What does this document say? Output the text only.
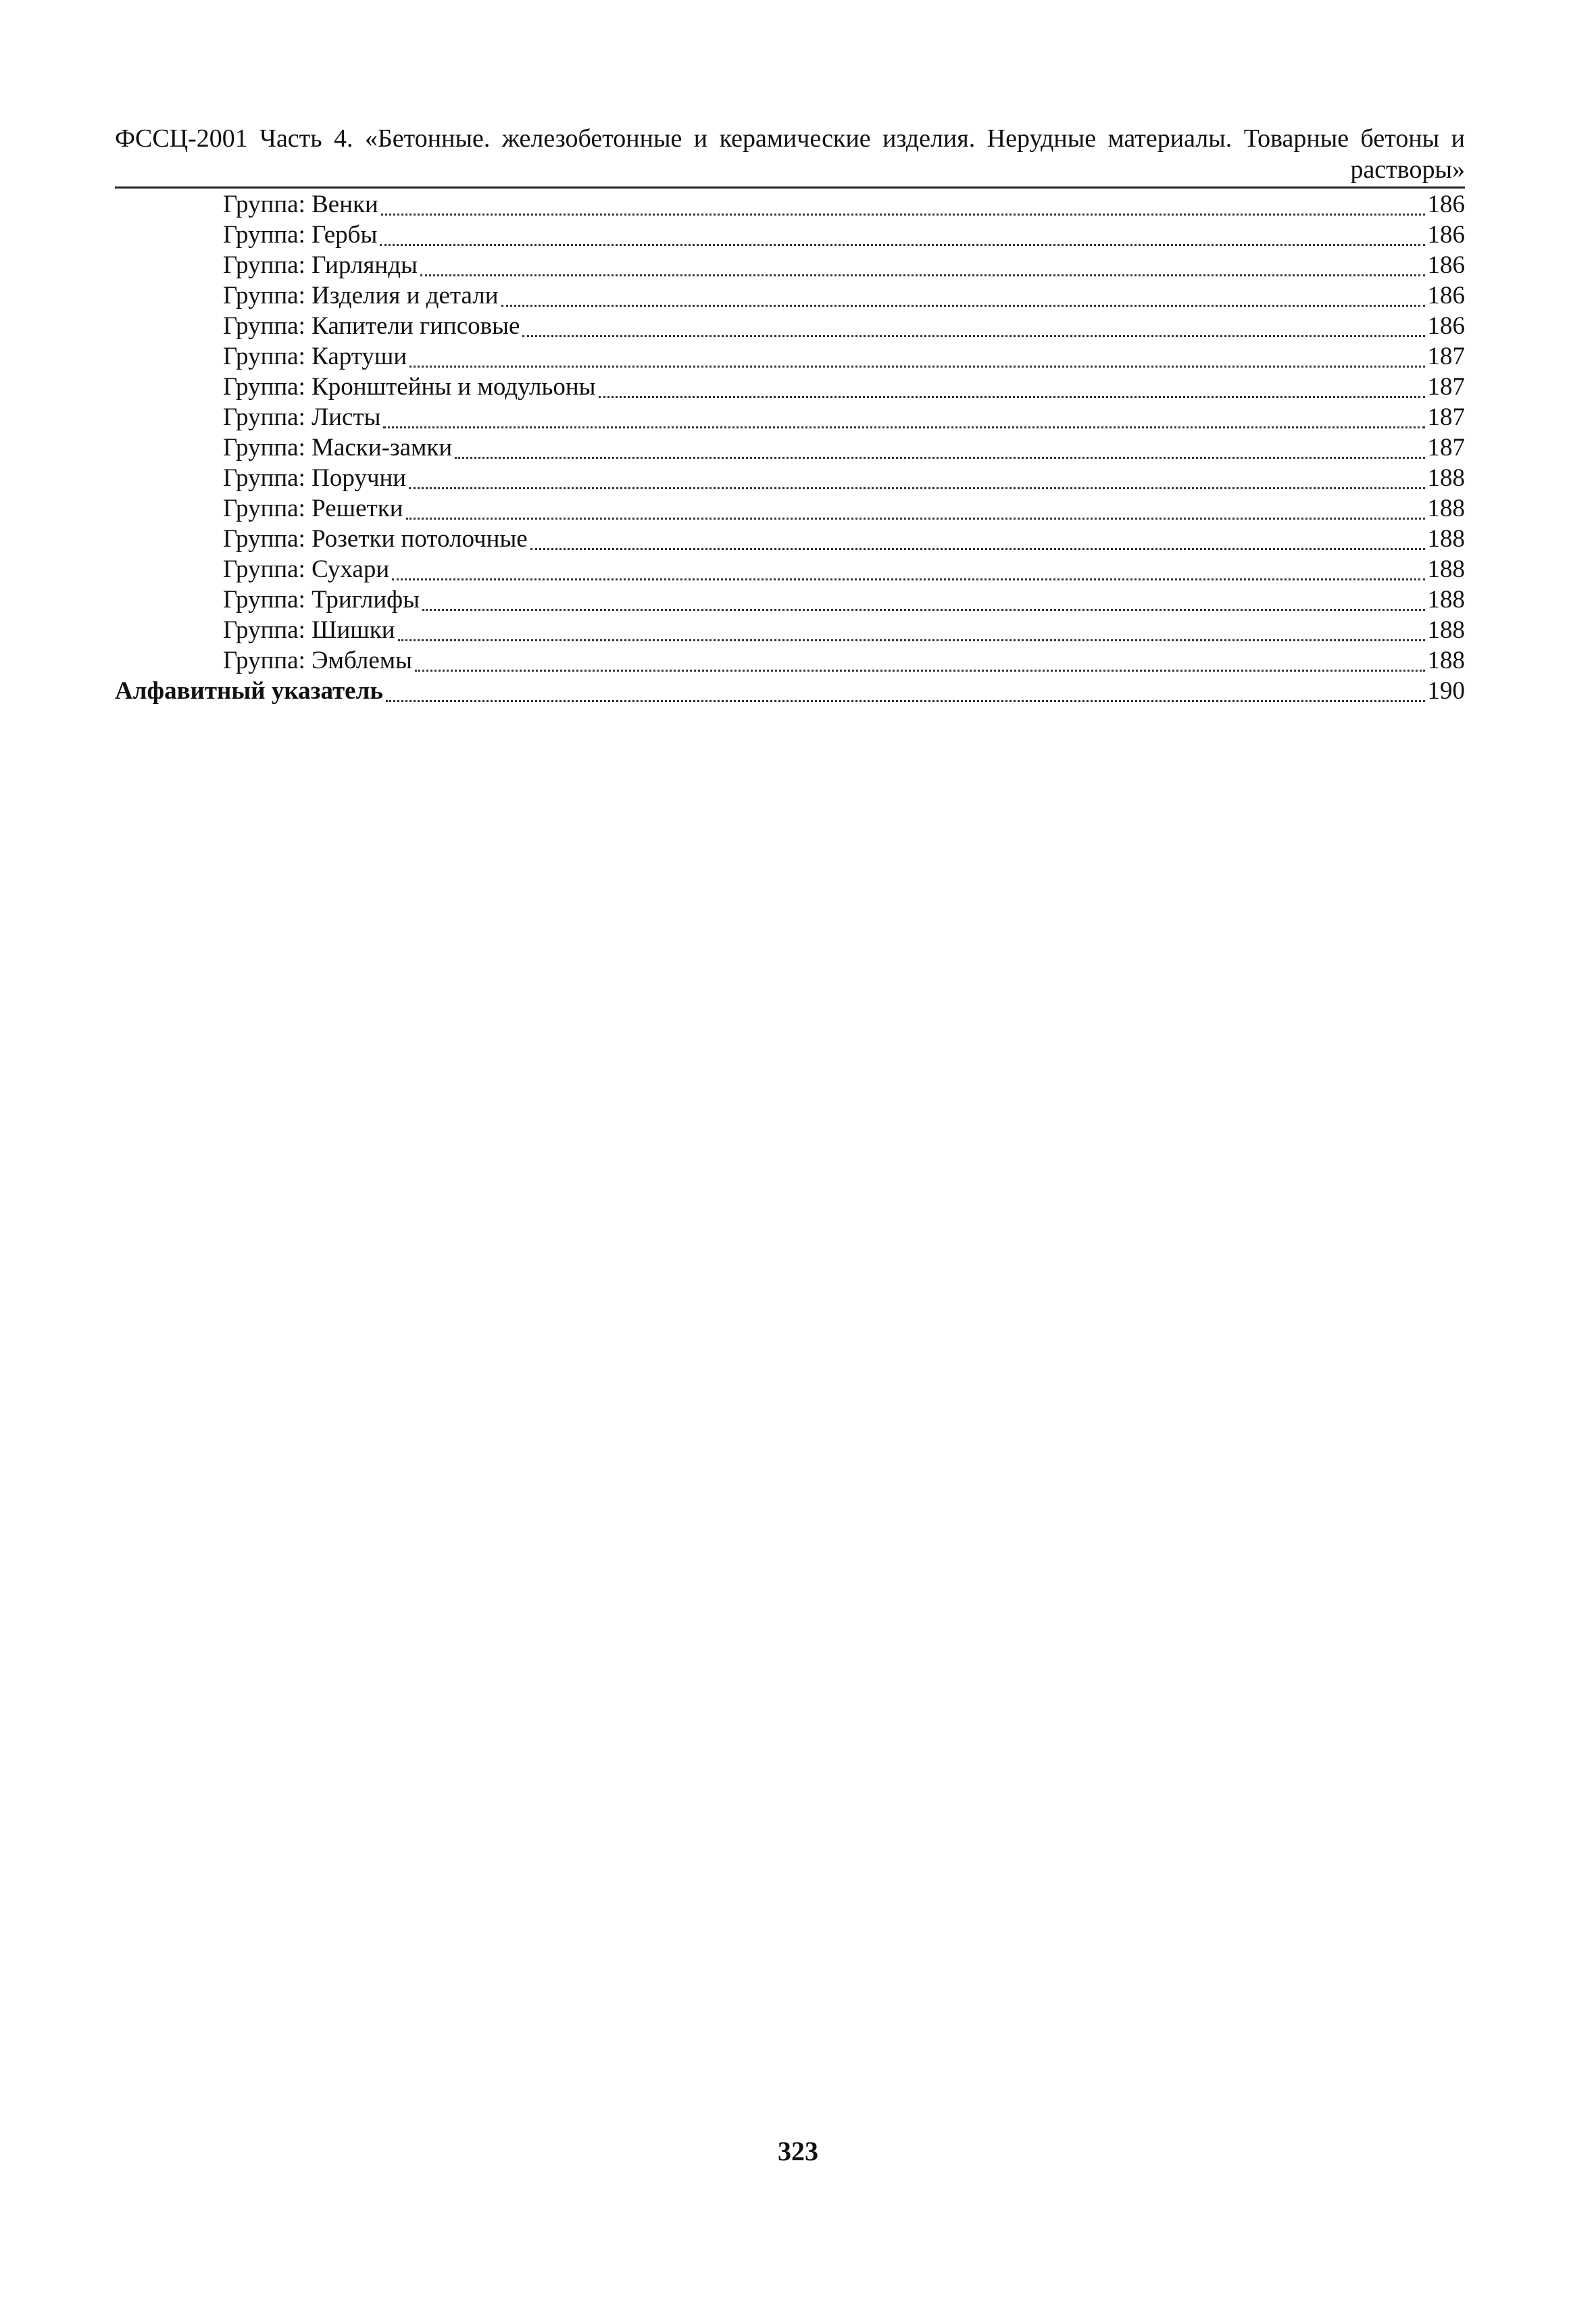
ФССЦ-2001 Часть 4. «Бетонные. железобетонные и керамические изделия. Нерудные материалы. Товарные бетоны и
растворы»
Группа: Венки	186
Группа: Гербы	186
Группа: Гирлянды	186
Группа: Изделия и детали	186
Группа: Капители гипсовые	186
Группа: Картуши	187
Группа: Кронштейны и модульоны	187
Группа: Листы	187
Группа: Маски-замки	187
Группа: Поручни	188
Группа: Решетки	188
Группа: Розетки потолочные	188
Группа: Сухари	188
Группа: Триглифы	188
Группа: Шишки	188
Группа: Эмблемы	188
Алфавитный указатель	190
323
